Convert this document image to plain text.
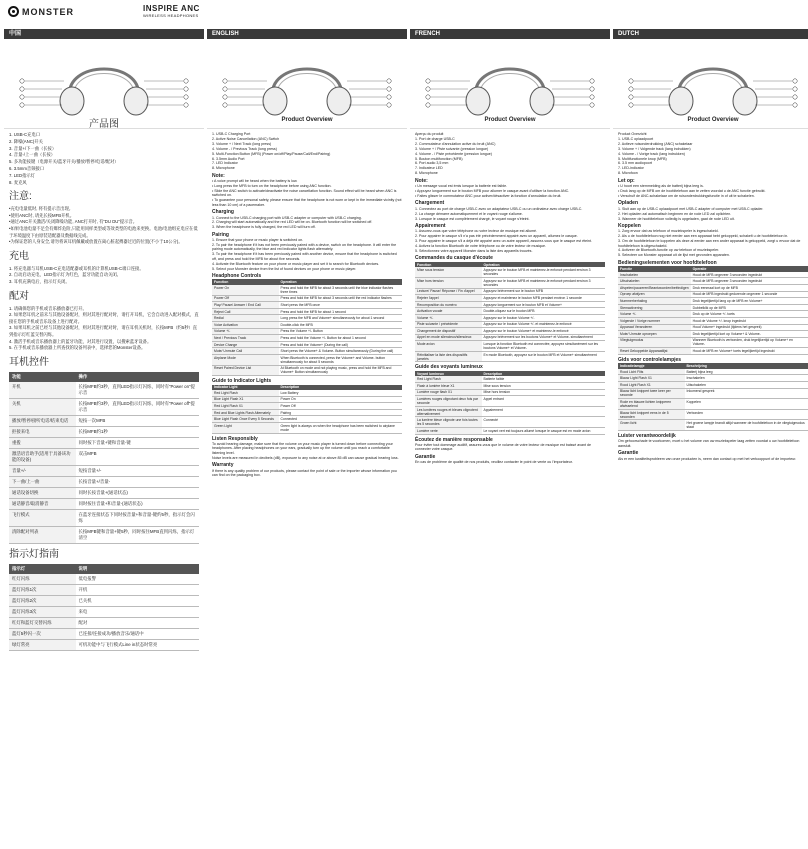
MONSTER	INSPIRE ANC
WIRELESS HEADPHONES
中国
产品图

1. USB-C充电口

2. 降噪(ANC)开关

3. 音量+/下一曲（长按）

4. 音量-/上一曲（长按）

5. 多功能按键（电源开关/蓝牙开关/播放/暂停/电话/配对）

6. 3.5mm音频接口

7. LED指示灯

8. 麦克风

注意:

•充电电量低时, 将有提示音出现。

•使用ANC时, 请先长按MFB开机。

•通过ANC开关激活/关闭降噪功能, ANC打开时, 有“DU DU”提示音。

•如果电池电量不足会有爆炸危险,只能用同样类型或等效类型的电池来更换。电池/电池组充电应在低于环境温度下由原装适配器及数据线完成。

•为保证您的人身安全,请勿将该耳机佩戴或放置在离心脏起搏器过近的位置(不小于10公分)。

充电

1. 将充电器与耳机USB-C充电适配器或耳机的计算机USB-C端口连接。

2. 自动启动充电，LED指示灯为红色，蓝牙功能自动关闭。

3. 耳机充满电后，指示灯关闭。

配对

1. 请确保您的手机或音乐播放器已打开。

2. 如果您耳机之前未与其他设备配对，则对其进行配对时，请打开耳机，它会自动进入配对模式，直接在您的手机或音乐设备上进行配对。

3. 如果耳机之前已经与其他设备配对，则对其进行配对时，请在耳机关机时，长按MFB（约5秒）直到指示灯红蓝交替闪烁。

4. 激活手机或音乐播放器上的蓝牙功能，对其进行设置，以搜索蓝牙设备。

5. 在手机或音乐播放器上所查找的设备列表中，选择您的Monster设备。

耳机控件
功能	操作
开机	长按MFB约3秒，直到LED指示灯闪烁，同时有“Power on”提示音
关机	长按MFB约3秒，直到LED指示灯闪烁，同时有“Power off”提示音
播放/暂停/接听电话/结束电话	短按一次MFB
拒接来电	长按MFB约1秒
重拨	同时按下音量+键和音量-键
激活语音助手(适用于具备该功能的设备)	双击MFB
音量+/-	短按音量+/-
下一曲/上一曲	长按音量+/音量-
通话设备切换	同时长按音量+(通话状态)
通话静音/取消静音	同时按住音量+和音量-(通话状态)
飞行模式	在蓝牙连接状态下同时按音量+和音量-键约5秒，指示灯会闪烁
清除配对列表	长按MFB键和音量+键5秒，同时按住MFB直到闪烁，指示灯清空
指示灯指南
指示灯	说明
红灯闪烁	低电报警
蓝灯闪烁1次	开机
蓝灯闪烁2次	已关机
蓝灯闪烁3次	来电
红灯和蓝灯交替闪烁	配对
蓝灯5秒闪一次	已连接/连接成功/播放音乐/通话中
绿灯常亮	可机功能中与飞行模式Line in状态时常亮
ENGLISH
Product Overview

1. USB-C Charging Port

2. Active Noise Cancellation (ANC) Switch

3. Volume + / Next Track (long press)

4. Volume - / Previous Track (long press)

5. Multi-Function Button (MFB) (Power on/off/Play/Pause/Call/End/Pairing)

6. 3.5mm Audio Port

7. LED Indicator

8. Microphone

Note:

• A voice prompt will be heard when the battery is low.

• Long press the MFB to turn on the headphone before using ANC function.

• Slide the ANC switch to activate/deactivate the noise cancellation function. Sound effect will be heard when ANC is switched on.

• To guarantee your personal safety, please ensure that the headphone is not worn or kept in the immediate vicinity (not less than 10 cm) of a pacemaker.

Charging

1. Connect to the USB-C charging port with USB-C adapter or computer with USB-C charging.

2. Charging will start automatically and the red LED will be on. Bluetooth function will be switched off.

3. When the headphone is fully charged, the red LED will turn off.

Pairing

1. Ensure that your phone or music player is switched on.

2. To pair the headphone if it has not been previously paired with a device, switch on the headphone. It will enter the pairing mode automatically, the blue and red indicator lights flash alternately.

3. To pair the headphone if it has been previously paired with another device, ensure that the headphone is switched off, and press and hold the MFB for about five seconds.

4. Activate the Bluetooth feature on your phone or music player and set it to search for Bluetooth devices.

5. Select your Monster device from the list of found devices on your phone or music player.

Headphone Controls
Function	Operation
Power On	Press and hold the MFB for about 3 seconds until the blue indicator flashes three times
Power Off	Press and hold the MFB for about 3 seconds until the red indicator flashes
Play/ Pause/ Answer / End Call	Short press the MFB once
Reject Call	Press and hold the MFB for about 1 second
Redial	Long press the MFB and Volume+ simultaneously for about 1 second
Voice Activation	Double-click the MFB
Volume +/-	Press the Volume +/- Button
Next / Previous Track	Press and hold the Volume +/- Button for about 1 second
Device Change	Press and hold the Volume+ (During the call)
Mute/ Unmute Call	Short press the Volume+ & Volume- Button simultaneously (During the call)
Airplane Mode	When Bluetooth is connected, press the Volume+ and Volume- button simultaneously for about 5 seconds
Reset Paired Device List	At Bluetooth on mode and not playing music, press and hold the MFB and Volume+ Button simultaneously
Guide to Indicator Lights
Indicator Light	Description
Red Light Flash	Low Battery
Blue Light Flash X1	Power On
Red Light Flash X1	Power Off
Red and Blue Lights Flash Alternately	Pairing
Blue Light Flash Once Every 5 Seconds	Connected
Green Light	Green light is always on when the headphone has been switched to airplane mode
Listen Responsibly

To avoid hearing damage, make sure that the volume on your music player is turned down before connecting your headphones. After placing headphones on your ears, gradually turn up the volume until you reach a comfortable listening level.

Noise levels are measured in decibels (dB), exposure to any noise at or above 85 dB can cause gradual hearing loss.

Warranty

If there is any quality problem of our products, please contact the point of sale or the importer whose information you can find on the packaging box.

FRENCH
Product Overview

Aperçu du produit

1. Port de charge USB-C

2. Commutateur d'annulation active du bruit (ANC)

3. Volume + / Piste suivante (pression longue)

4. Volume - / Piste précédente (pression longue)

5. Bouton multifonction (MFB)

6. Port audio 3,5 mm

7. Indicateur LED

8. Microphone

Note:

• Un message vocal est émis lorsque la batterie est faible.

• Appuyez longuement sur le bouton MFB pour allumer le casque avant d'utiliser la fonction ANC.

• Faites glisser le commutateur ANC pour activer/désactiver la fonction d'annulation du bruit.

Chargement

1. Connectez au port de charge USB-C avec un adaptateur USB-C ou un ordinateur avec charge USB-C.

2. La charge démarre automatiquement et le voyant rouge s'allume.

3. Lorsque le casque est complètement chargé, le voyant rouge s'éteint.

Appairement

1. Assurez-vous que votre téléphone ou votre lecteur de musique est allumé.

2. Pour appairer le casque s'il n'a pas été précédemment appairé avec un appareil, allumez le casque.

3. Pour appairer le casque s'il a déjà été appairé avec un autre appareil, assurez-vous que le casque est éteint.

4. Activez la fonction Bluetooth de votre téléphone ou de votre lecteur de musique.

5. Sélectionnez votre appareil Monster dans la liste des appareils trouvés.

Commandes du casque d'écoute
Fonction	Opération
Mise sous tension	Appuyez sur le bouton MFB et maintenez-le enfoncé pendant environ 3 secondes
Mise hors tension	Appuyez sur le bouton MFB et maintenez-le enfoncé pendant environ 3 secondes
Lecture/ Pause/ Réponse / Fin d'appel	Appuyez brièvement sur le bouton MFB
Rejeter l'appel	Appuyez et maintenez le bouton MFB pendant environ 1 seconde
Recomposition du numéro	Appuyez longuement sur le bouton MFB et Volume+
Activation vocale	Double-cliquez sur le bouton MFB
Volume +/-	Appuyez sur le bouton Volume +/-
Piste suivante / précédente	Appuyez sur le bouton Volume +/- et maintenez-le enfoncé
Changement de dispositif	Appuyez sur le bouton Volume+ et maintenez-le enfoncé
Appel en mode silencieux/silencieux	Appuyez brièvement sur les boutons Volume+ et Volume- simultanément
Mode avion	Lorsque la fonction Bluetooth est connectée, appuyez simultanément sur les boutons Volume+ et Volume-
Réinitialiser la liste des dispositifs jumelés	En mode Bluetooth, appuyez sur le bouton MFB et Volume+ simultanément
Guide des voyants lumineux
Voyant lumineux	Description
Red Light Flash	Batterie faible
Flash à lumière bleue X1	Mise sous tension
Lumière rouge flash X1	Mise hors tension
Lumières rouges clignotant deux fois par seconde	Appel entrant
Les lumières rouges et bleues clignotent alternativement	Appairement
La lumière bleue clignote une fois toutes les 5 secondes	Connecté
Lumière verte	Le voyant vert est toujours allumé lorsque le casque est en mode avion
Écoutez de manière responsable

Pour éviter tout dommage auditif, assurez-vous que le volume de votre lecteur de musique est baissé avant de connecter votre casque.

Garantie

En cas de problème de qualité de nos produits, veuillez contacter le point de vente ou l'importateur.

DUTCH
Product Overview

Product Overzicht

1. USB-C oplaadpoort

2. Actieve ruisonderdrukking (ANC) schakelaar

3. Volume + / Volgende track (lang indrukken)

4. Volume - / Vorige track (lang indrukken)

5. Multifunctionele knop (MFB)

6. 3.5 mm audiopoort

7. LED-indicator

8. Microfoon

Let op:

• U hoort een stemmelding als de batterij bijna leeg is.

• Druk lang op de MFB om de hoofdtelefoon aan te zetten voordat u de ANC functie gebruikt.

• Verschuif de ANC-schakelaar om de ruisonderdrukkingsfunctie in of uit te schakelen.

Opladen

1. Sluit aan op de USB-C oplaadpoort met USB-C adapter of computer met USB-C oplader.

2. Het opladen zal automatisch beginnen en de rode LED zal oplichten.

3. Wanneer de hoofdtelefoon volledig is opgeladen, gaat de rode LED uit.

Koppelen

1. Zorg ervoor dat uw telefoon of muziekspeler is ingeschakeld.

2. Als u de hoofdtelefoon nog niet eerder aan een apparaat hebt gekoppeld, schakelt u de hoofdtelefoon in.

3. Om de hoofdtelefoon te koppelen als deze al eerder aan een ander apparaat is gekoppeld, zorgt u ervoor dat de hoofdtelefoon is uitgeschakeld.

4. Activeer de Bluetooth-functie op uw telefoon of muziekspeler.

5. Selecteer uw Monster apparaat uit de lijst met gevonden apparaten.

Bedieningselementen voor hoofdtelefoon
Functie	Operatie
Inschakelen	Houd de MFB ongeveer 3 seconden ingedrukt
Uitschakelen	Houd de MFB ongeveer 3 seconden ingedrukt
Afspelen/pauzeren/Beantwoorden/beëindigen	Druk eenmaal kort op de MFB
Oproep afwijzen	Houd de MFB ingedrukt gedurende ongeveer 1 seconde
Nummerherhaling	Druk tegelijkertijd lang op de MFB en Volume+
Stemactivering	Dubbelklik op de MFB
Volume +/-	Druk op de Volume +/- toets
Volgende / Vorige nummer	Houd de Volume +/- knop ingedrukt
Apparaat Veranderen	Houd Volume+ ingedrukt (tijdens het gesprek)
Mute/ Unmute oproepen	Druk tegelijkertijd kort op Volume+ & Volume-
Vliegtuigmodus	Wanneer Bluetooth is verbonden, druk tegelijkertijd op Volume+ en Volume-
Reset Gekoppelde Apparaatlijst	Houd de MFB en Volume+ toets tegelijkertijd ingedrukt
Gids voor controlelampjes
Indicatielampje	Beschrijving
Rood Licht Flits	Batterij bijna leeg
Blauw Light Flash X1	Inschakelen
Rood Light Flash X1	Uitschakelen
Blauw licht knippert twee keer per seconde	Inkomend gesprek
Rode en blauwe lichten knipperen afwisselend	Koppelen
Blauw licht knippert eens in de 5 seconden	Verbonden
Groen licht	Het groene lampje brandt altijd wanneer de hoofdtelefoon in de vliegtuigmodus staat
Luister verantwoordelijk

Om gehoorschade te voorkomen, moet u het volume van uw muziekspeler laag zetten voordat u uw hoofdtelefoon aansluit.

Garantie

Als er een kwaliteitsprobleem van onze producten is, neem dan contact op met het verkooppunt of de importeur.
